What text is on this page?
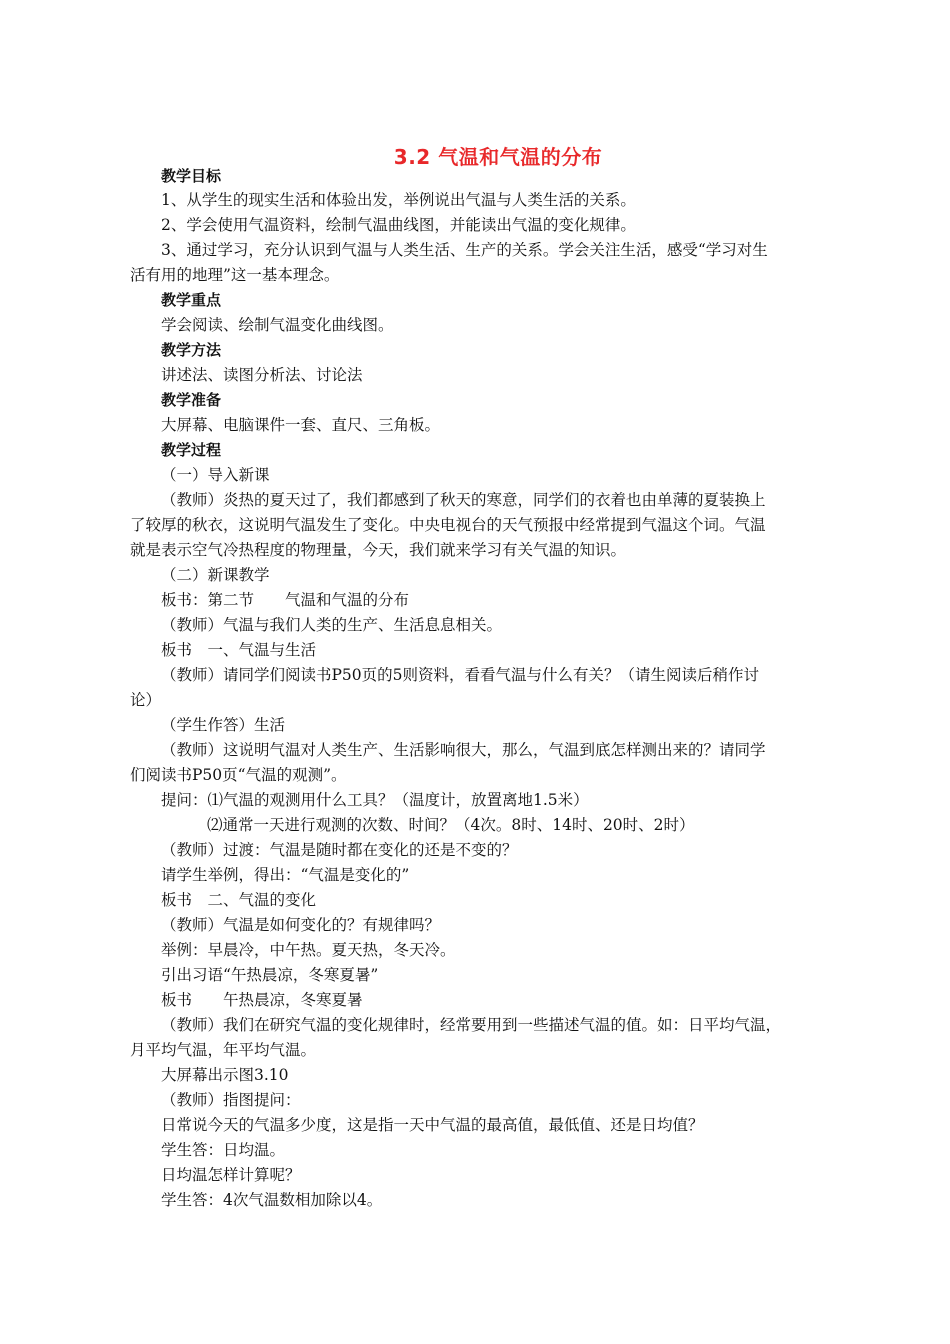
3.2 气温和气温的分布
教学目标
1、从学生的现实生活和体验出发，举例说出气温与人类生活的关系。
2、学会使用气温资料，绘制气温曲线图，并能读出气温的变化规律。
3、通过学习，充分认识到气温与人类生活、生产的关系。学会关注生活，感受“学习对生
活有用的地理”这一基本理念。
教学重点
学会阅读、绘制气温变化曲线图。
教学方法
讲述法、读图分析法、讨论法
教学准备
大屏幕、电脑课件一套、直尺、三角板。
教学过程
（一）导入新课
（教师）炎热的夏天过了，我们都感到了秋天的寒意，同学们的衣着也由单薄的夏装换上
了较厚的秋衣，这说明气温发生了变化。中央电视台的天气预报中经常提到气温这个词。气温
就是表示空气冷热程度的物理量，今天，我们就来学习有关气温的知识。
（二）新课教学
板书：第二节　　气温和气温的分布
（教师）气温与我们人类的生产、生活息息相关。
板书　一、气温与生活
（教师）请同学们阅读书P50页的5则资料，看看气温与什么有关？（请生阅读后稍作讨
论）
（学生作答）生活
（教师）这说明气温对人类生产、生活影响很大，那么，气温到底怎样测出来的？请同学
们阅读书P50页“气温的观测”。
提问：⑴气温的观测用什么工具？（温度计，放置离地1.5米）
⑵通常一天进行观测的次数、时间？（4次。8时、14时、20时、2时）
（教师）过渡：气温是随时都在变化的还是不变的？
请学生举例，得出：“气温是变化的”
板书　二、气温的变化
（教师）气温是如何变化的？有规律吗？
举例：早晨冷，中午热。夏天热，冬天冷。
引出习语“午热晨凉，冬寒夏暑”
板书　　午热晨凉，冬寒夏暑
（教师）我们在研究气温的变化规律时，经常要用到一些描述气温的值。如：日平均气温，
月平均气温，年平均气温。
大屏幕出示图3.10
（教师）指图提问：
日常说今天的气温多少度，这是指一天中气温的最高值，最低值、还是日均值？
学生答：日均温。
日均温怎样计算呢？
学生答：4次气温数相加除以4。
